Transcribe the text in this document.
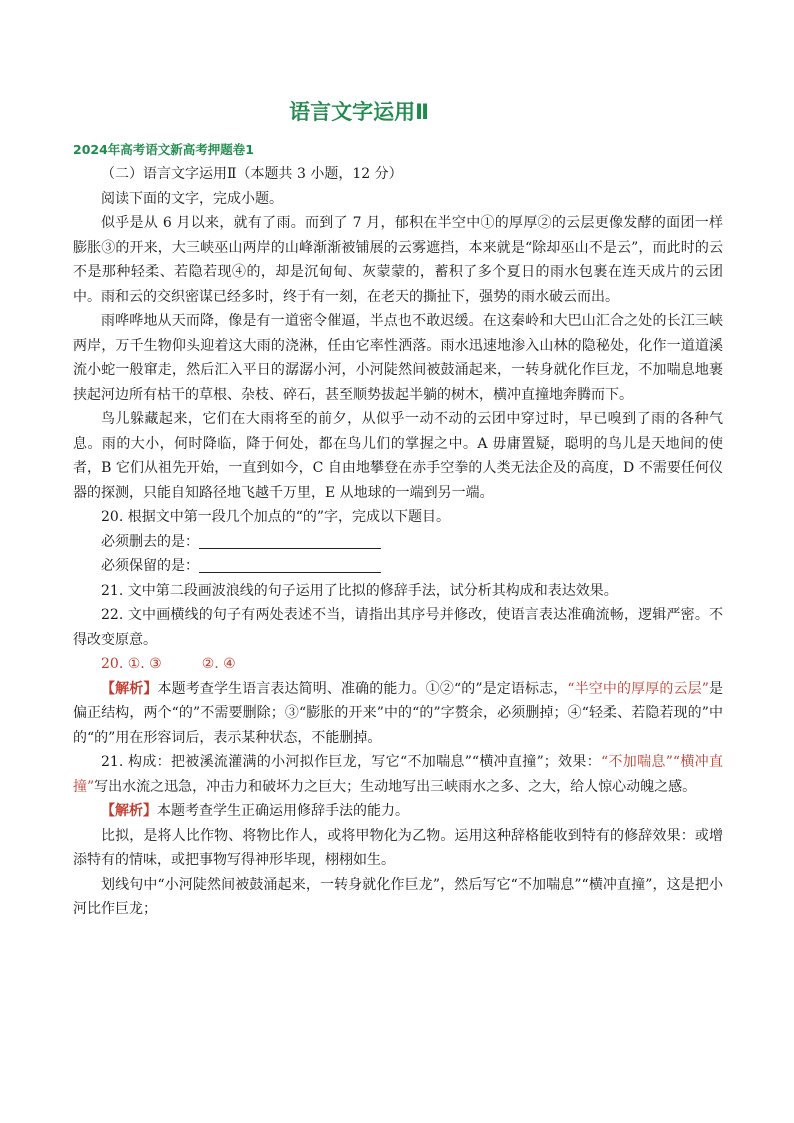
语言文字运用Ⅱ
2024年高考语文新高考押题卷1

（二）语言文字运用Ⅱ（本题共 3 小题，12 分）

阅读下面的文字，完成小题。

似乎是从 6 月以来，就有了雨。而到了 7 月，郁积在半空中①的厚厚②的云层更像发酵的面团一样膨胀③的开来，大三峡巫山两岸的山峰渐渐被铺展的云雾遮挡，本来就是“除却巫山不是云”，而此时的云不是那种轻柔、若隐若现④的，却是沉甸甸、灰蒙蒙的，蓄积了多个夏日的雨水包裹在连天成片的云团中。雨和云的交织密谋已经多时，终于有一刻，在老天的撕扯下，强势的雨水破云而出。

雨哗哗地从天而降，像是有一道密令催逼，半点也不敢迟缓。在这秦岭和大巴山汇合之处的长江三峡两岸，万千生物仰头迎着这大雨的浇淋，任由它率性洒落。雨水迅速地渗入山林的隐秘处，化作一道道溪流小蛇一般窜走，然后汇入平日的潺潺小河，小河陡然间被鼓涌起来，一转身就化作巨龙，不加喘息地裹挟起河边所有枯干的草根、杂枝、碎石，甚至顺势拔起半躺的树木，横冲直撞地奔腾而下。

鸟儿躲藏起来，它们在大雨将至的前夕，从似乎一动不动的云团中穿过时，早已嗅到了雨的各种气息。雨的大小，何时降临，降于何处，都在鸟儿们的掌握之中。A 毋庸置疑，聪明的鸟儿是天地间的使者，B 它们从祖先开始，一直到如今，C 自由地攀登在赤手空拳的人类无法企及的高度，D 不需要任何仪器的探测，只能自知路径地飞越千万里，E 从地球的一端到另一端。

20. 根据文中第一段几个加点的“的”字，完成以下题目。

必须删去的是：

必须保留的是：

21. 文中第二段画波浪线的句子运用了比拟的修辞手法，试分析其构成和表达效果。

22. 文中画横线的句子有两处表述不当，请指出其序号并修改，使语言表达准确流畅，逻辑严密。不得改变原意。

20. ①. ③	②. ④

【解析】本题考查学生语言表达简明、准确的能力。①②“的”是定语标志，“半空中的厚厚的云层”是偏正结构，两个“的”不需要删除；③“膨胀的开来”中的“的”字赘余，必须删掉；④“轻柔、若隐若现的”中的“的”用在形容词后，表示某种状态，不能删掉。

21. 构成：把被溪流灌满的小河拟作巨龙，写它“不加喘息”“横冲直撞”；效果：“不加喘息”“横冲直撞”写出水流之迅急，冲击力和破坏力之巨大；生动地写出三峡雨水之多、之大，给人惊心动魄之感。

【解析】本题考查学生正确运用修辞手法的能力。

比拟，是将人比作物、将物比作人，或将甲物化为乙物。运用这种辞格能收到特有的修辞效果：或增添特有的情味，或把事物写得神形毕现，栩栩如生。

划线句中“小河陡然间被鼓涌起来，一转身就化作巨龙”，然后写它“不加喘息”“横冲直撞”，这是把小河比作巨龙；
